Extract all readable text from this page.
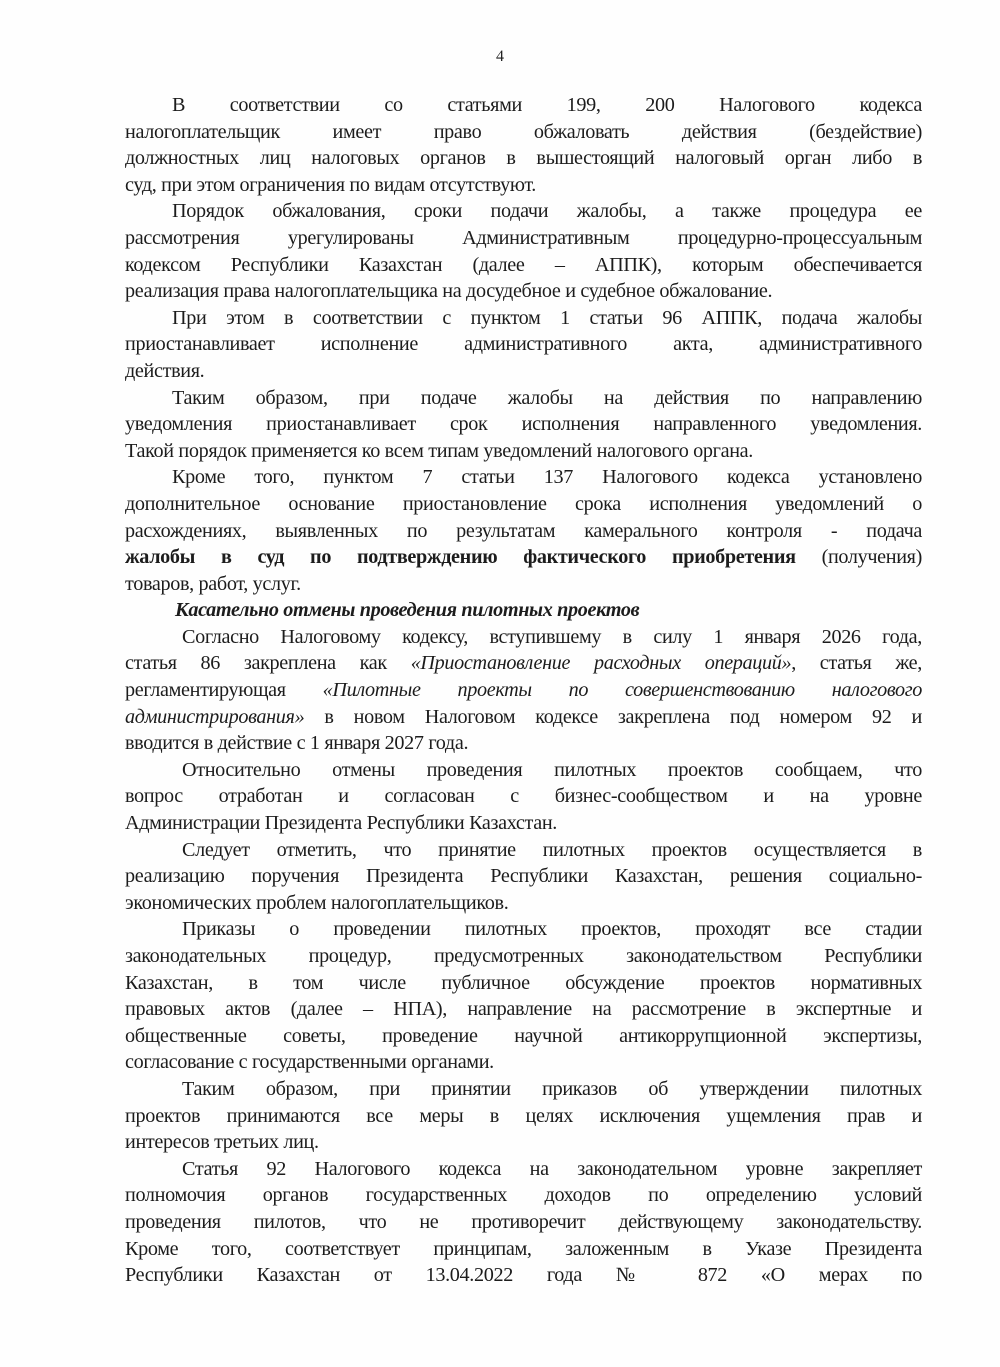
4
В соответствии со статьями 199, 200 Налогового кодекса
налогоплательщик имеет право обжаловать действия (бездействие)
должностных лиц налоговых органов в вышестоящий налоговый орган либо в
суд, при этом ограничения по видам отсутствуют.
Порядок обжалования, сроки подачи жалобы, а также процедура ее
рассмотрения урегулированы Административным процедурно-процессуальным
кодексом Республики Казахстан (далее – АППК), которым обеспечивается
реализация права налогоплательщика на досудебное и судебное обжалование.
При этом в соответствии с пунктом 1 статьи 96 АППК, подача жалобы
приостанавливает исполнение административного акта, административного
действия.
Таким образом, при подаче жалобы на действия по направлению
уведомления приостанавливает срок исполнения направленного уведомления.
Такой порядок применяется ко всем типам уведомлений налогового органа.
Кроме того, пунктом 7 статьи 137 Налогового кодекса установлено
дополнительное основание приостановление срока исполнения уведомлений о
расхождениях, выявленных по результатам камерального контроля - подача
жалобы в суд по подтверждению фактического приобретения (получения)
товаров, работ, услуг.
Касательно отмены проведения пилотных проектов
Согласно Налоговому кодексу, вступившему в силу 1 января 2026 года,
статья 86 закреплена как «Приостановление расходных операций», статья же,
регламентирующая «Пилотные проекты по совершенствованию налогового
администрирования» в новом Налоговом кодексе закреплена под номером 92 и
вводится в действие с 1 января 2027 года.
Относительно отмены проведения пилотных проектов сообщаем, что
вопрос отработан и согласован с бизнес-сообществом и на уровне
Администрации Президента Республики Казахстан.
Следует отметить, что принятие пилотных проектов осуществляется в
реализацию поручения Президента Республики Казахстан, решения социально-
экономических проблем налогоплательщиков.
Приказы о проведении пилотных проектов, проходят все стадии
законодательных процедур, предусмотренных законодательством Республики
Казахстан, в том числе публичное обсуждение проектов нормативных
правовых актов (далее – НПА), направление на рассмотрение в экспертные и
общественные советы, проведение научной антикоррупционной экспертизы,
согласование с государственными органами.
Таким образом, при принятии приказов об утверждении пилотных
проектов принимаются все меры в целях исключения ущемления прав и
интересов третьих лиц.
Статья 92 Налогового кодекса на законодательном уровне закрепляет
полномочия органов государственных доходов по определению условий
проведения пилотов, что не противоречит действующему законодательству.
Кроме того, соответствует принципам, заложенным в Указе Президента
Республики Казахстан от 13.04.2022 года № 872 «О мерах по
